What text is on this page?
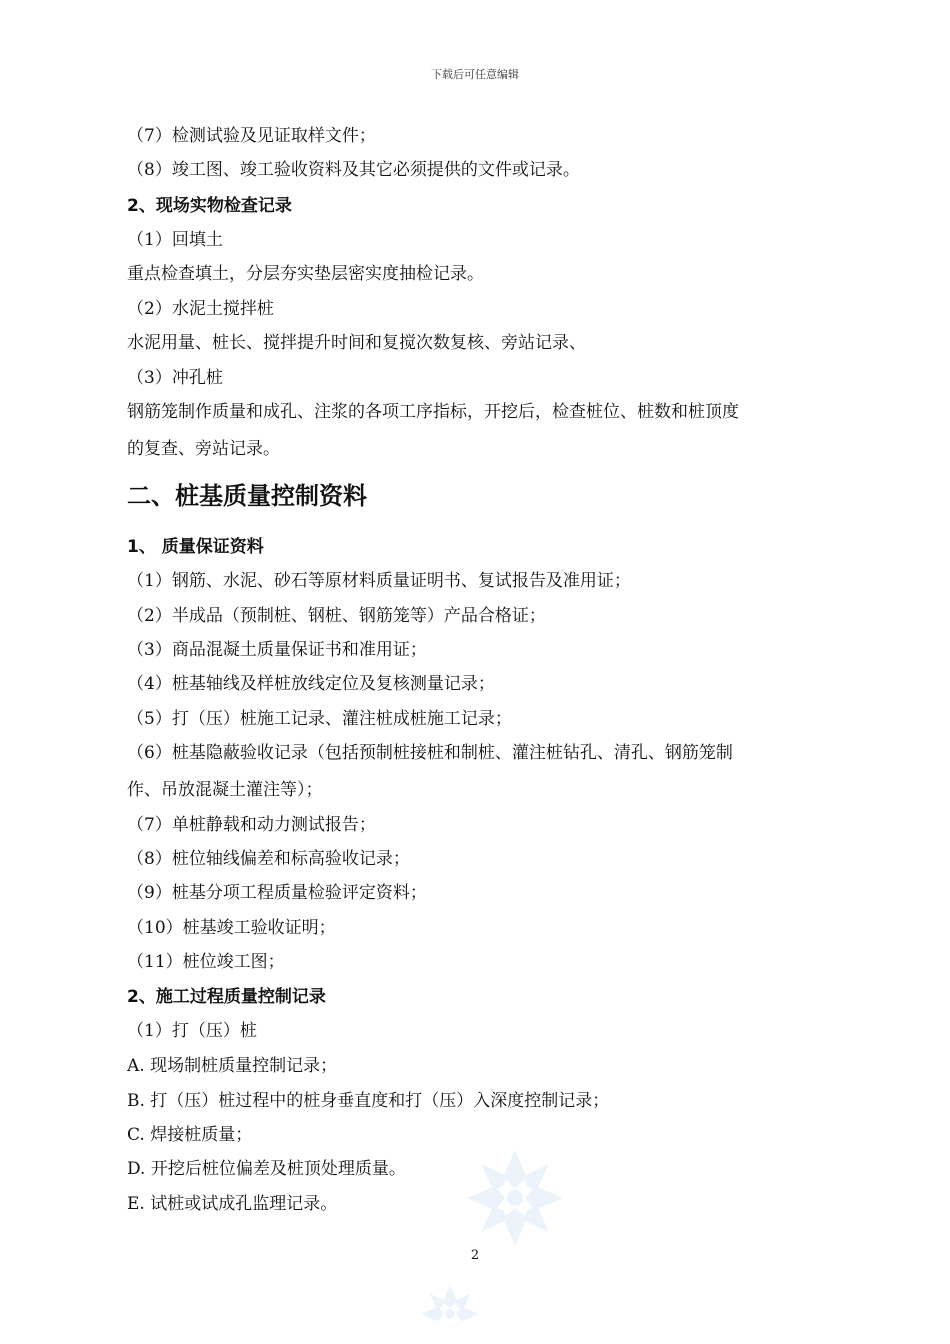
下载后可任意编辑
（7）检测试验及见证取样文件；
（8）竣工图、竣工验收资料及其它必须提供的文件或记录。
2、现场实物检查记录
（1）回填土
重点检查填土，分层夯实垫层密实度抽检记录。
（2）水泥土搅拌桩
水泥用量、桩长、搅拌提升时间和复搅次数复核、旁站记录、
（3）冲孔桩
钢筋笼制作质量和成孔、注浆的各项工序指标，开挖后，检查桩位、桩数和桩顶度
的复查、旁站记录。
二、桩基质量控制资料
1、 质量保证资料
（1）钢筋、水泥、砂石等原材料质量证明书、复试报告及准用证；
（2）半成品（预制桩、钢桩、钢筋笼等）产品合格证；
（3）商品混凝土质量保证书和准用证；
（4）桩基轴线及样桩放线定位及复核测量记录；
（5）打（压）桩施工记录、灌注桩成桩施工记录；
（6）桩基隐蔽验收记录（包括预制桩接桩和制桩、灌注桩钻孔、清孔、钢筋笼制
作、吊放混凝土灌注等）；
（7）单桩静载和动力测试报告；
（8）桩位轴线偏差和标高验收记录；
（9）桩基分项工程质量检验评定资料；
（10）桩基竣工验收证明；
（11）桩位竣工图；
2、施工过程质量控制记录
（1）打（压）桩
A. 现场制桩质量控制记录；
B. 打（压）桩过程中的桩身垂直度和打（压）入深度控制记录；
C. 焊接桩质量；
D. 开挖后桩位偏差及桩顶处理质量。
E. 试桩或试成孔监理记录。
2
